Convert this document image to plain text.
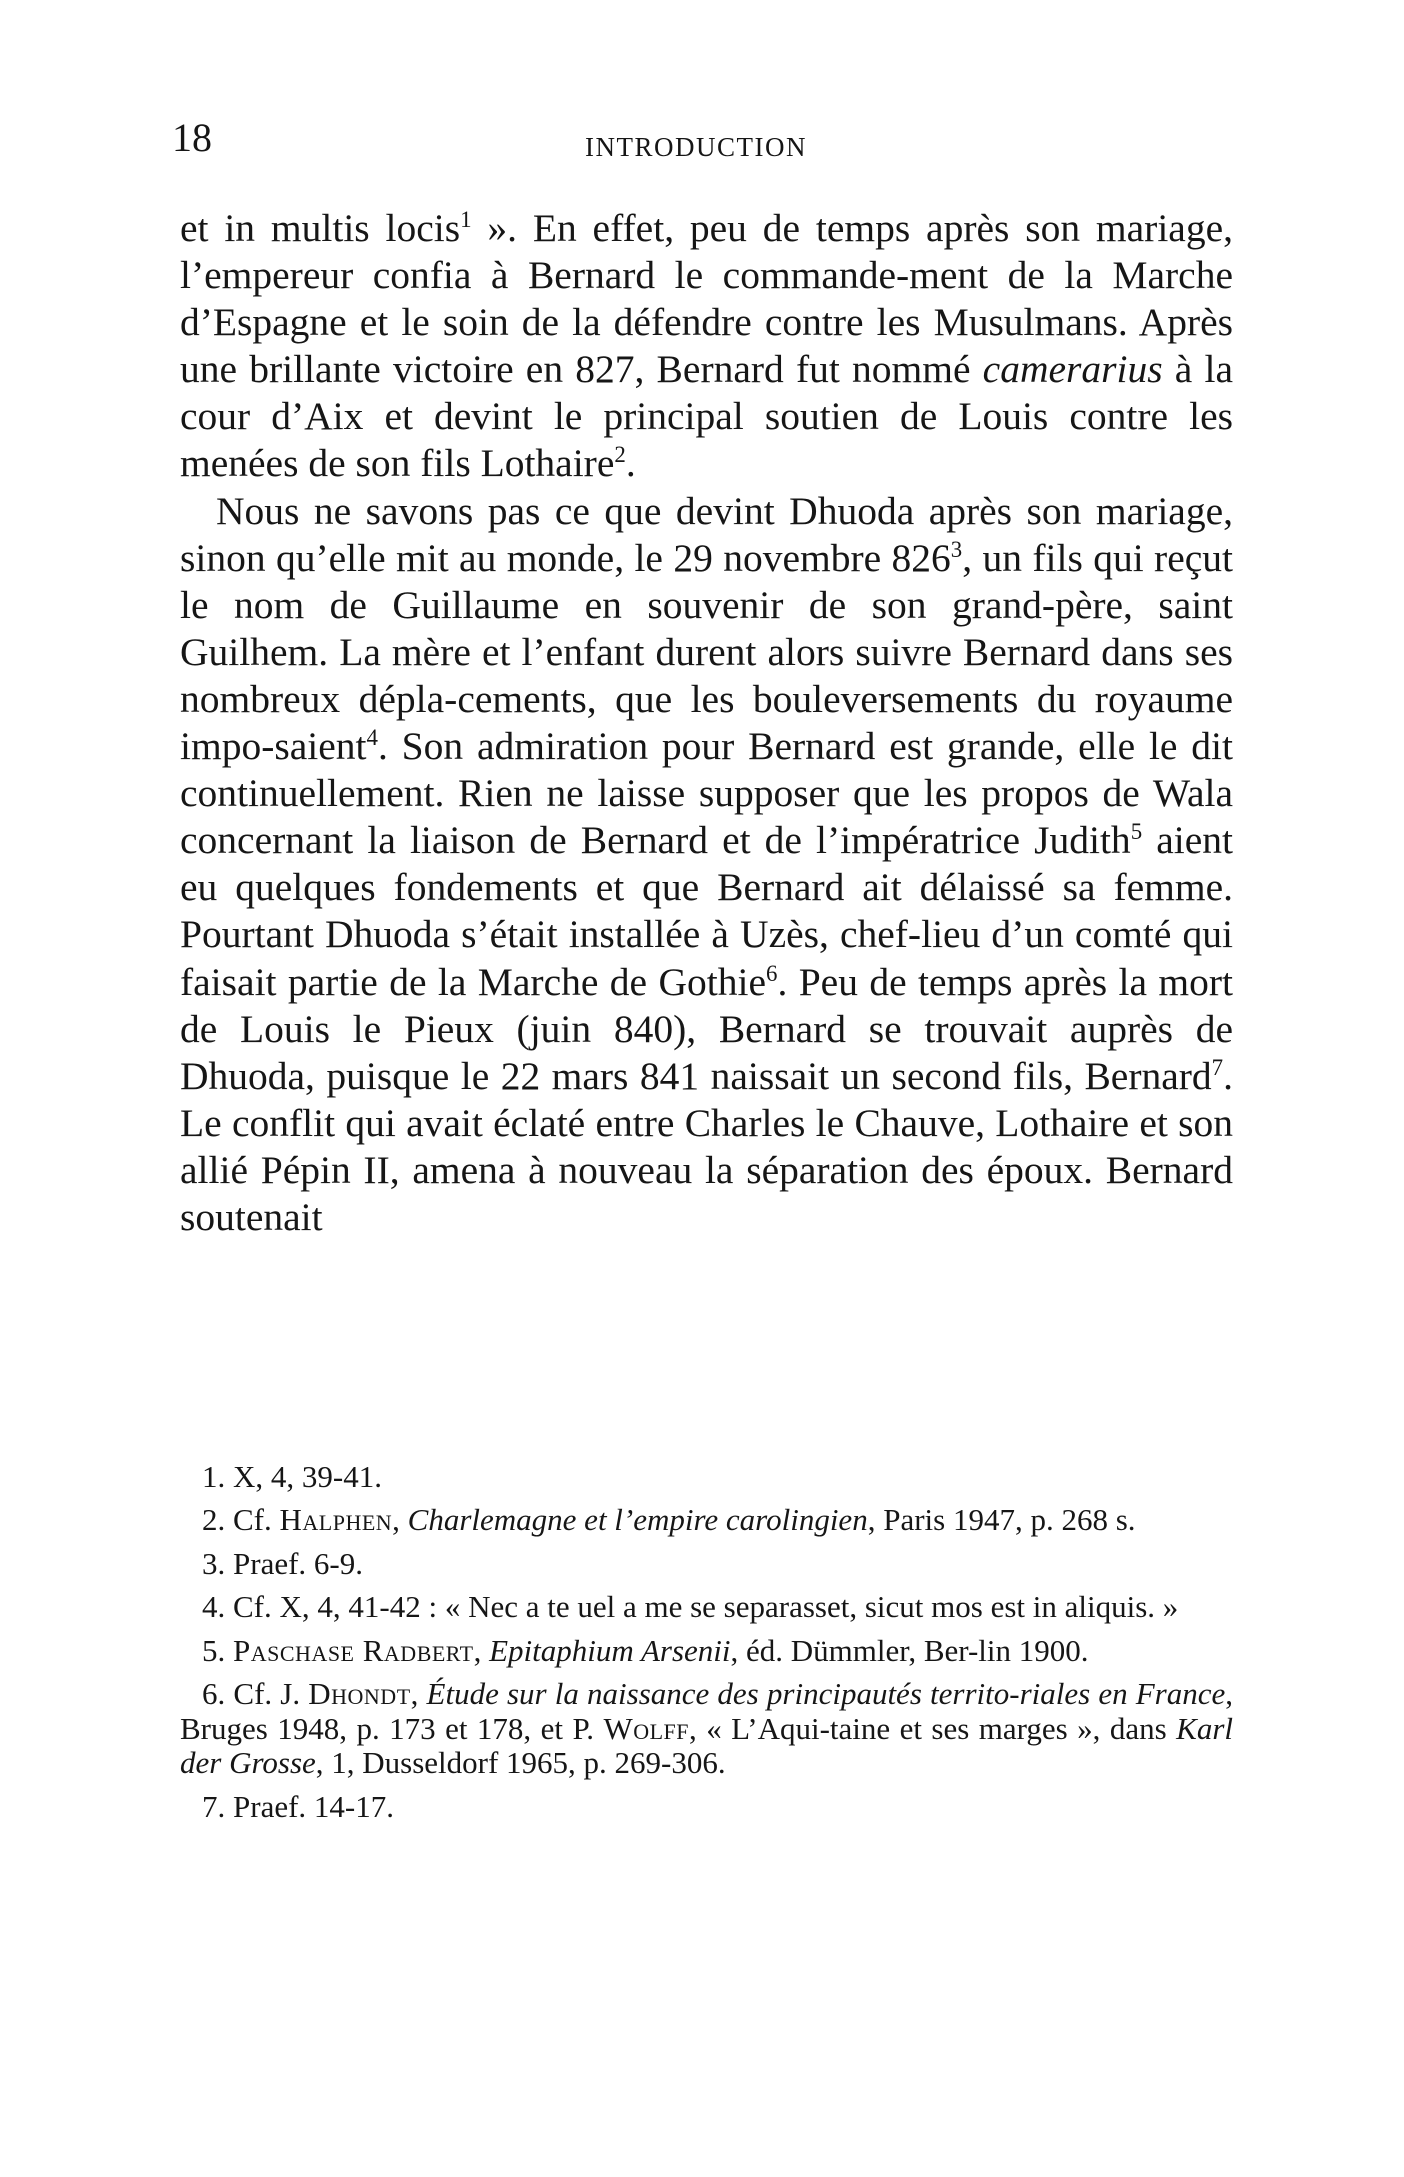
18	INTRODUCTION

et in multis locis$^1$ ». En effet, peu de temps après son mariage, l’empereur confia à Bernard le commande-ment de la Marche d’Espagne et le soin de la défendre contre les Musulmans. Après une brillante victoire en 827, Bernard fut nommé camerarius à la cour d’Aix et devint le principal soutien de Louis contre les menées de son fils Lothaire$^2$.

Nous ne savons pas ce que devint Dhuoda après son mariage, sinon qu’elle mit au monde, le 29 novembre 826$^3$, un fils qui reçut le nom de Guillaume en souvenir de son grand-père, saint Guilhem. La mère et l’enfant durent alors suivre Bernard dans ses nombreux dépla-cements, que les bouleversements du royaume impo-saient$^4$. Son admiration pour Bernard est grande, elle le dit continuellement. Rien ne laisse supposer que les propos de Wala concernant la liaison de Bernard et de l’impératrice Judith$^5$ aient eu quelques fondements et que Bernard ait délaissé sa femme. Pourtant Dhuoda s’était installée à Uzès, chef-lieu d’un comté qui faisait partie de la Marche de Gothie$^6$. Peu de temps après la mort de Louis le Pieux (juin 840), Bernard se trouvait auprès de Dhuoda, puisque le 22 mars 841 naissait un second fils, Bernard$^7$. Le conflit qui avait éclaté entre Charles le Chauve, Lothaire et son allié Pépin II, amena à nouveau la séparation des époux. Bernard soutenait

1. X, 4, 39-41.
2. Cf. Halphen, Charlemagne et l’empire carolingien, Paris 1947, p. 268 s.
3. Praef. 6-9.
4. Cf. X, 4, 41-42 : « Nec a te uel a me se separasset, sicut mos est in aliquis. »
5. Paschase Radbert, Epitaphium Arsenii, éd. Dümmler, Ber-lin 1900.
6. Cf. J. Dhondt, Étude sur la naissance des principautés territo-riales en France, Bruges 1948, p. 173 et 178, et P. Wolff, « L’Aqui-taine et ses marges », dans Karl der Grosse, 1, Dusseldorf 1965, p. 269-306.
7. Praef. 14-17.
